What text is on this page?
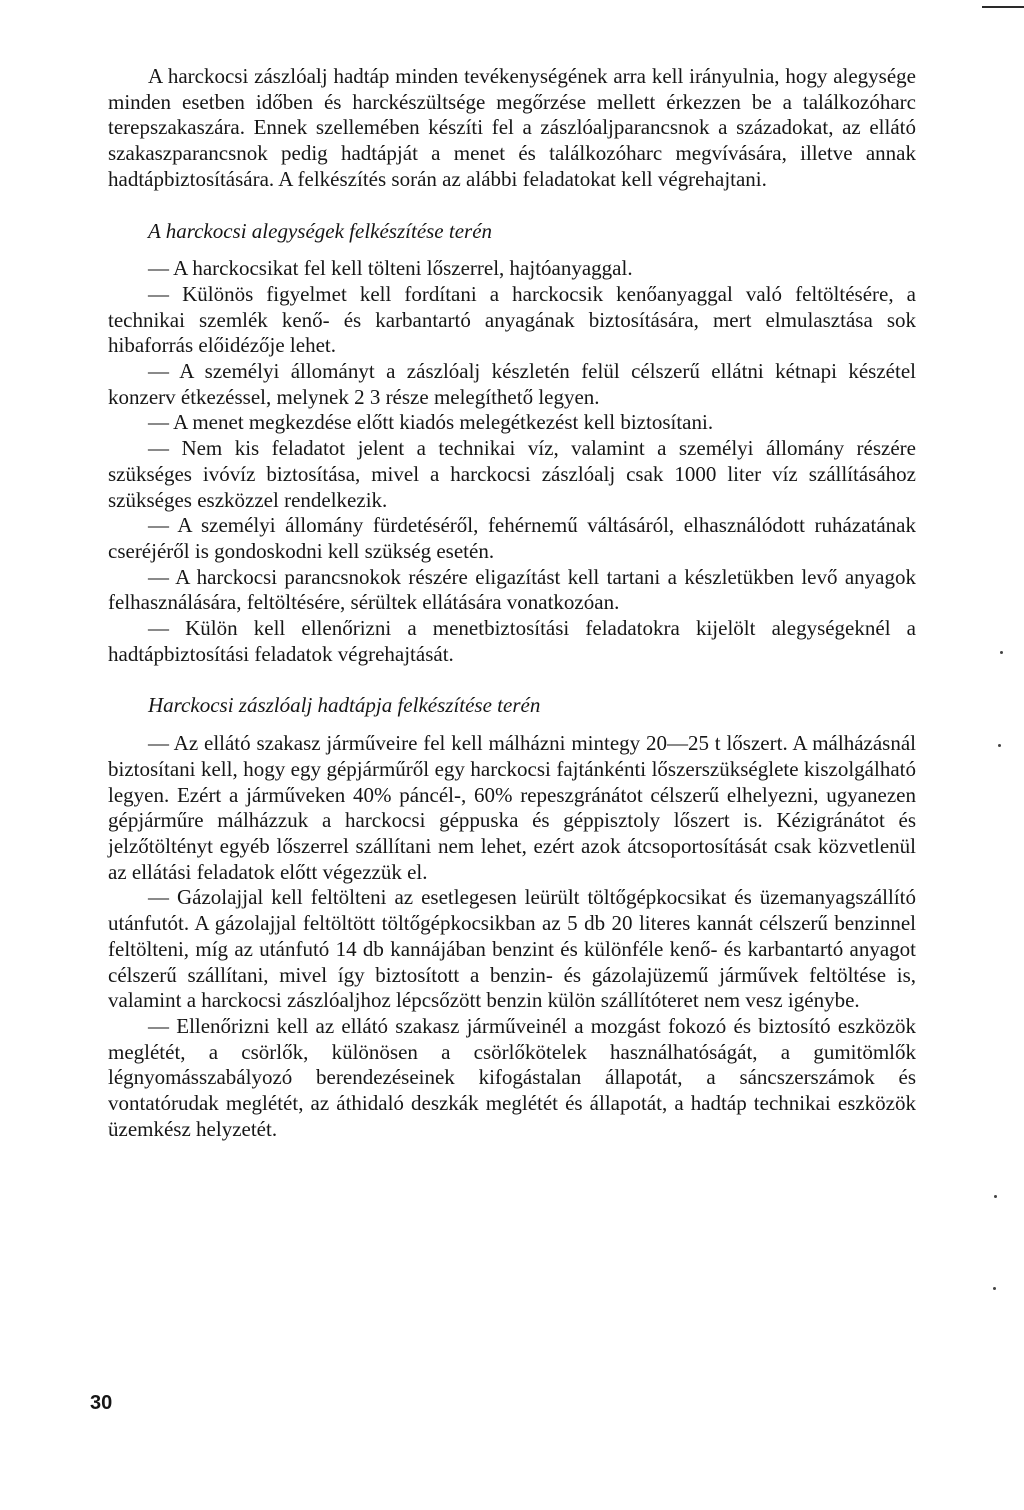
A harckocsi zászlóalj hadtáp minden tevékenységének arra kell irányulnia, hogy alegysége minden esetben időben és harckészültsége megőrzése mellett érkezzen be a találkozóharc terepszakaszára. Ennek szellemében készíti fel a zászlóaljparancsnok a századokat, az ellátó szakaszparancsnok pedig hadtápját a menet és találkozóharc megvívására, illetve annak hadtápbiztosítására. A felkészítés során az alábbi feladatokat kell végrehajtani.

A harckocsi alegységek felkészítése terén

— A harckocsikat fel kell tölteni lőszerrel, hajtóanyaggal.

— Különös figyelmet kell fordítani a harckocsik kenőanyaggal való feltöltésére, a technikai szemlék kenő- és karbantartó anyagának biztosítására, mert elmulasztása sok hibaforrás előidézője lehet.

— A személyi állományt a zászlóalj készletén felül célszerű ellátni kétnapi készétel konzerv étkezéssel, melynek 2 3 része melegíthető legyen.

— A menet megkezdése előtt kiadós melegétkezést kell biztosítani.

— Nem kis feladatot jelent a technikai víz, valamint a személyi állomány részére szükséges ivóvíz biztosítása, mivel a harckocsi zászlóalj csak 1000 liter víz szállításához szükséges eszközzel rendelkezik.

— A személyi állomány fürdetéséről, fehérnemű váltásáról, elhasználódott ruházatának cseréjéről is gondoskodni kell szükség esetén.

— A harckocsi parancsnokok részére eligazítást kell tartani a készletükben levő anyagok felhasználására, feltöltésére, sérültek ellátására vonatkozóan.

— Külön kell ellenőrizni a menetbiztosítási feladatokra kijelölt alegységeknél a hadtápbiztosítási feladatok végrehajtását.

Harckocsi zászlóalj hadtápja felkészítése terén

— Az ellátó szakasz járműveire fel kell málházni mintegy 20—25 t lőszert. A málházásnál biztosítani kell, hogy egy gépjárműről egy harckocsi fajtánkénti lőszerszükséglete kiszolgálható legyen. Ezért a járműveken 40% páncél-, 60% repeszgránátot célszerű elhelyezni, ugyanezen gépjárműre málházzuk a harckocsi géppuska és géppisztoly lőszert is. Kézigránátot és jelzőtöltényt egyéb lőszerrel szállítani nem lehet, ezért azok átcsoportosítását csak közvetlenül az ellátási feladatok előtt végezzük el.

— Gázolajjal kell feltölteni az esetlegesen leürült töltőgépkocsikat és üzemanyagszállító utánfutót. A gázolajjal feltöltött töltőgépkocsikban az 5 db 20 literes kannát célszerű benzinnel feltölteni, míg az utánfutó 14 db kannájában benzint és különféle kenő- és karbantartó anyagot célszerű szállítani, mivel így biztosított a benzin- és gázolajüzemű járművek feltöltése is, valamint a harckocsi zászlóaljhoz lépcsőzött benzin külön szállítóteret nem vesz igénybe.

— Ellenőrizni kell az ellátó szakasz járműveinél a mozgást fokozó és biztosító eszközök meglétét, a csörlők, különösen a csörlőkötelek használhatóságát, a gumitömlők légnyomásszabályozó berendezéseinek kifogástalan állapotát, a sáncszerszámok és vontatórudak meglétét, az áthidaló deszkák meglétét és állapotát, a hadtáp technikai eszközök üzemkész helyzetét.

30
